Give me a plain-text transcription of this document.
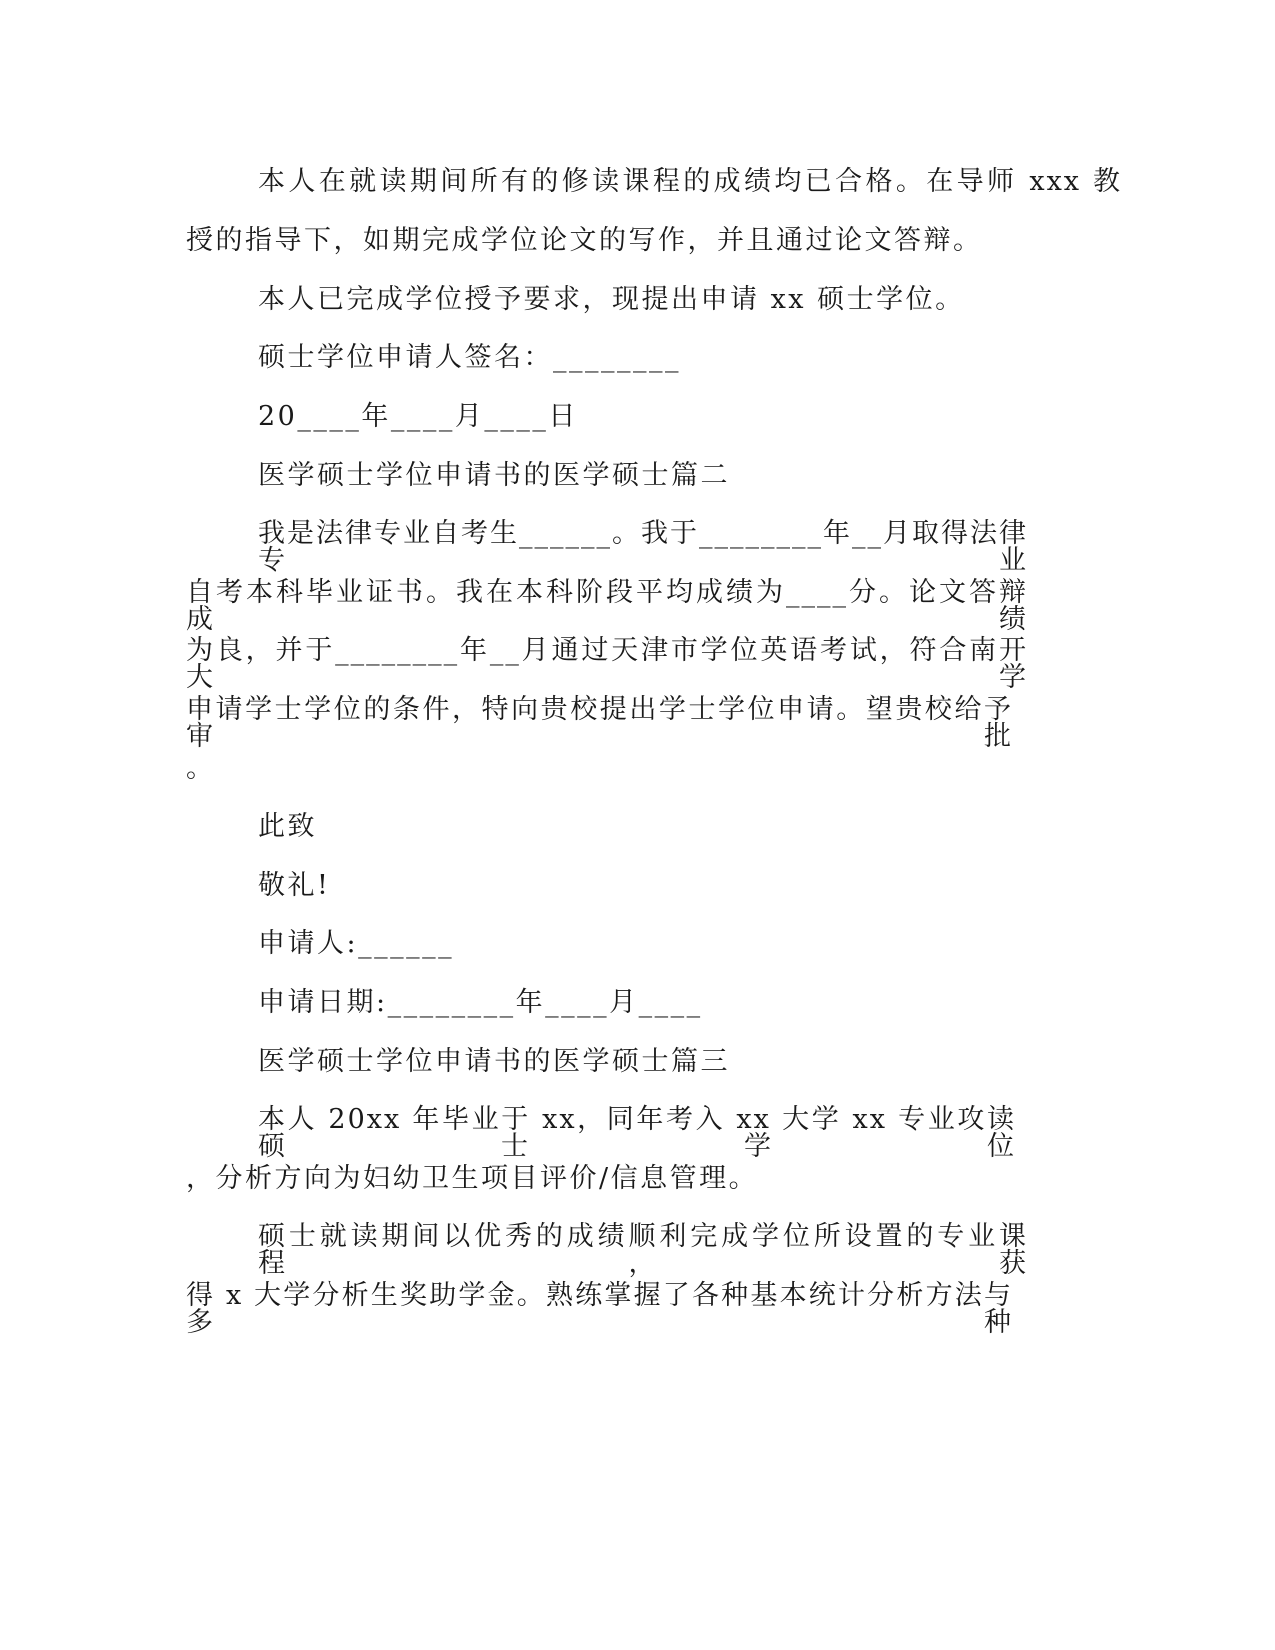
本人在就读期间所有的修读课程的成绩均已合格。在导师 xxx 教
授的指导下，如期完成学位论文的写作，并且通过论文答辩。
本人已完成学位授予要求，现提出申请 xx 硕士学位。
硕士学位申请人签名：________
20____年____月____日
医学硕士学位申请书的医学硕士篇二
我是法律专业自考生______。我于________年__月取得法律专业
自考本科毕业证书。我在本科阶段平均成绩为____分。论文答辩成绩
为良，并于________年__月通过天津市学位英语考试，符合南开大学
申请学士学位的条件，特向贵校提出学士学位申请。望贵校给予审批
。
此致
敬礼!
申请人:______
申请日期:________年____月____
医学硕士学位申请书的医学硕士篇三
本人 20xx 年毕业于 xx，同年考入 xx 大学 xx 专业攻读硕士学位
，分析方向为妇幼卫生项目评价/信息管理。
硕士就读期间以优秀的成绩顺利完成学位所设置的专业课程，获
得 x 大学分析生奖助学金。熟练掌握了各种基本统计分析方法与多种
